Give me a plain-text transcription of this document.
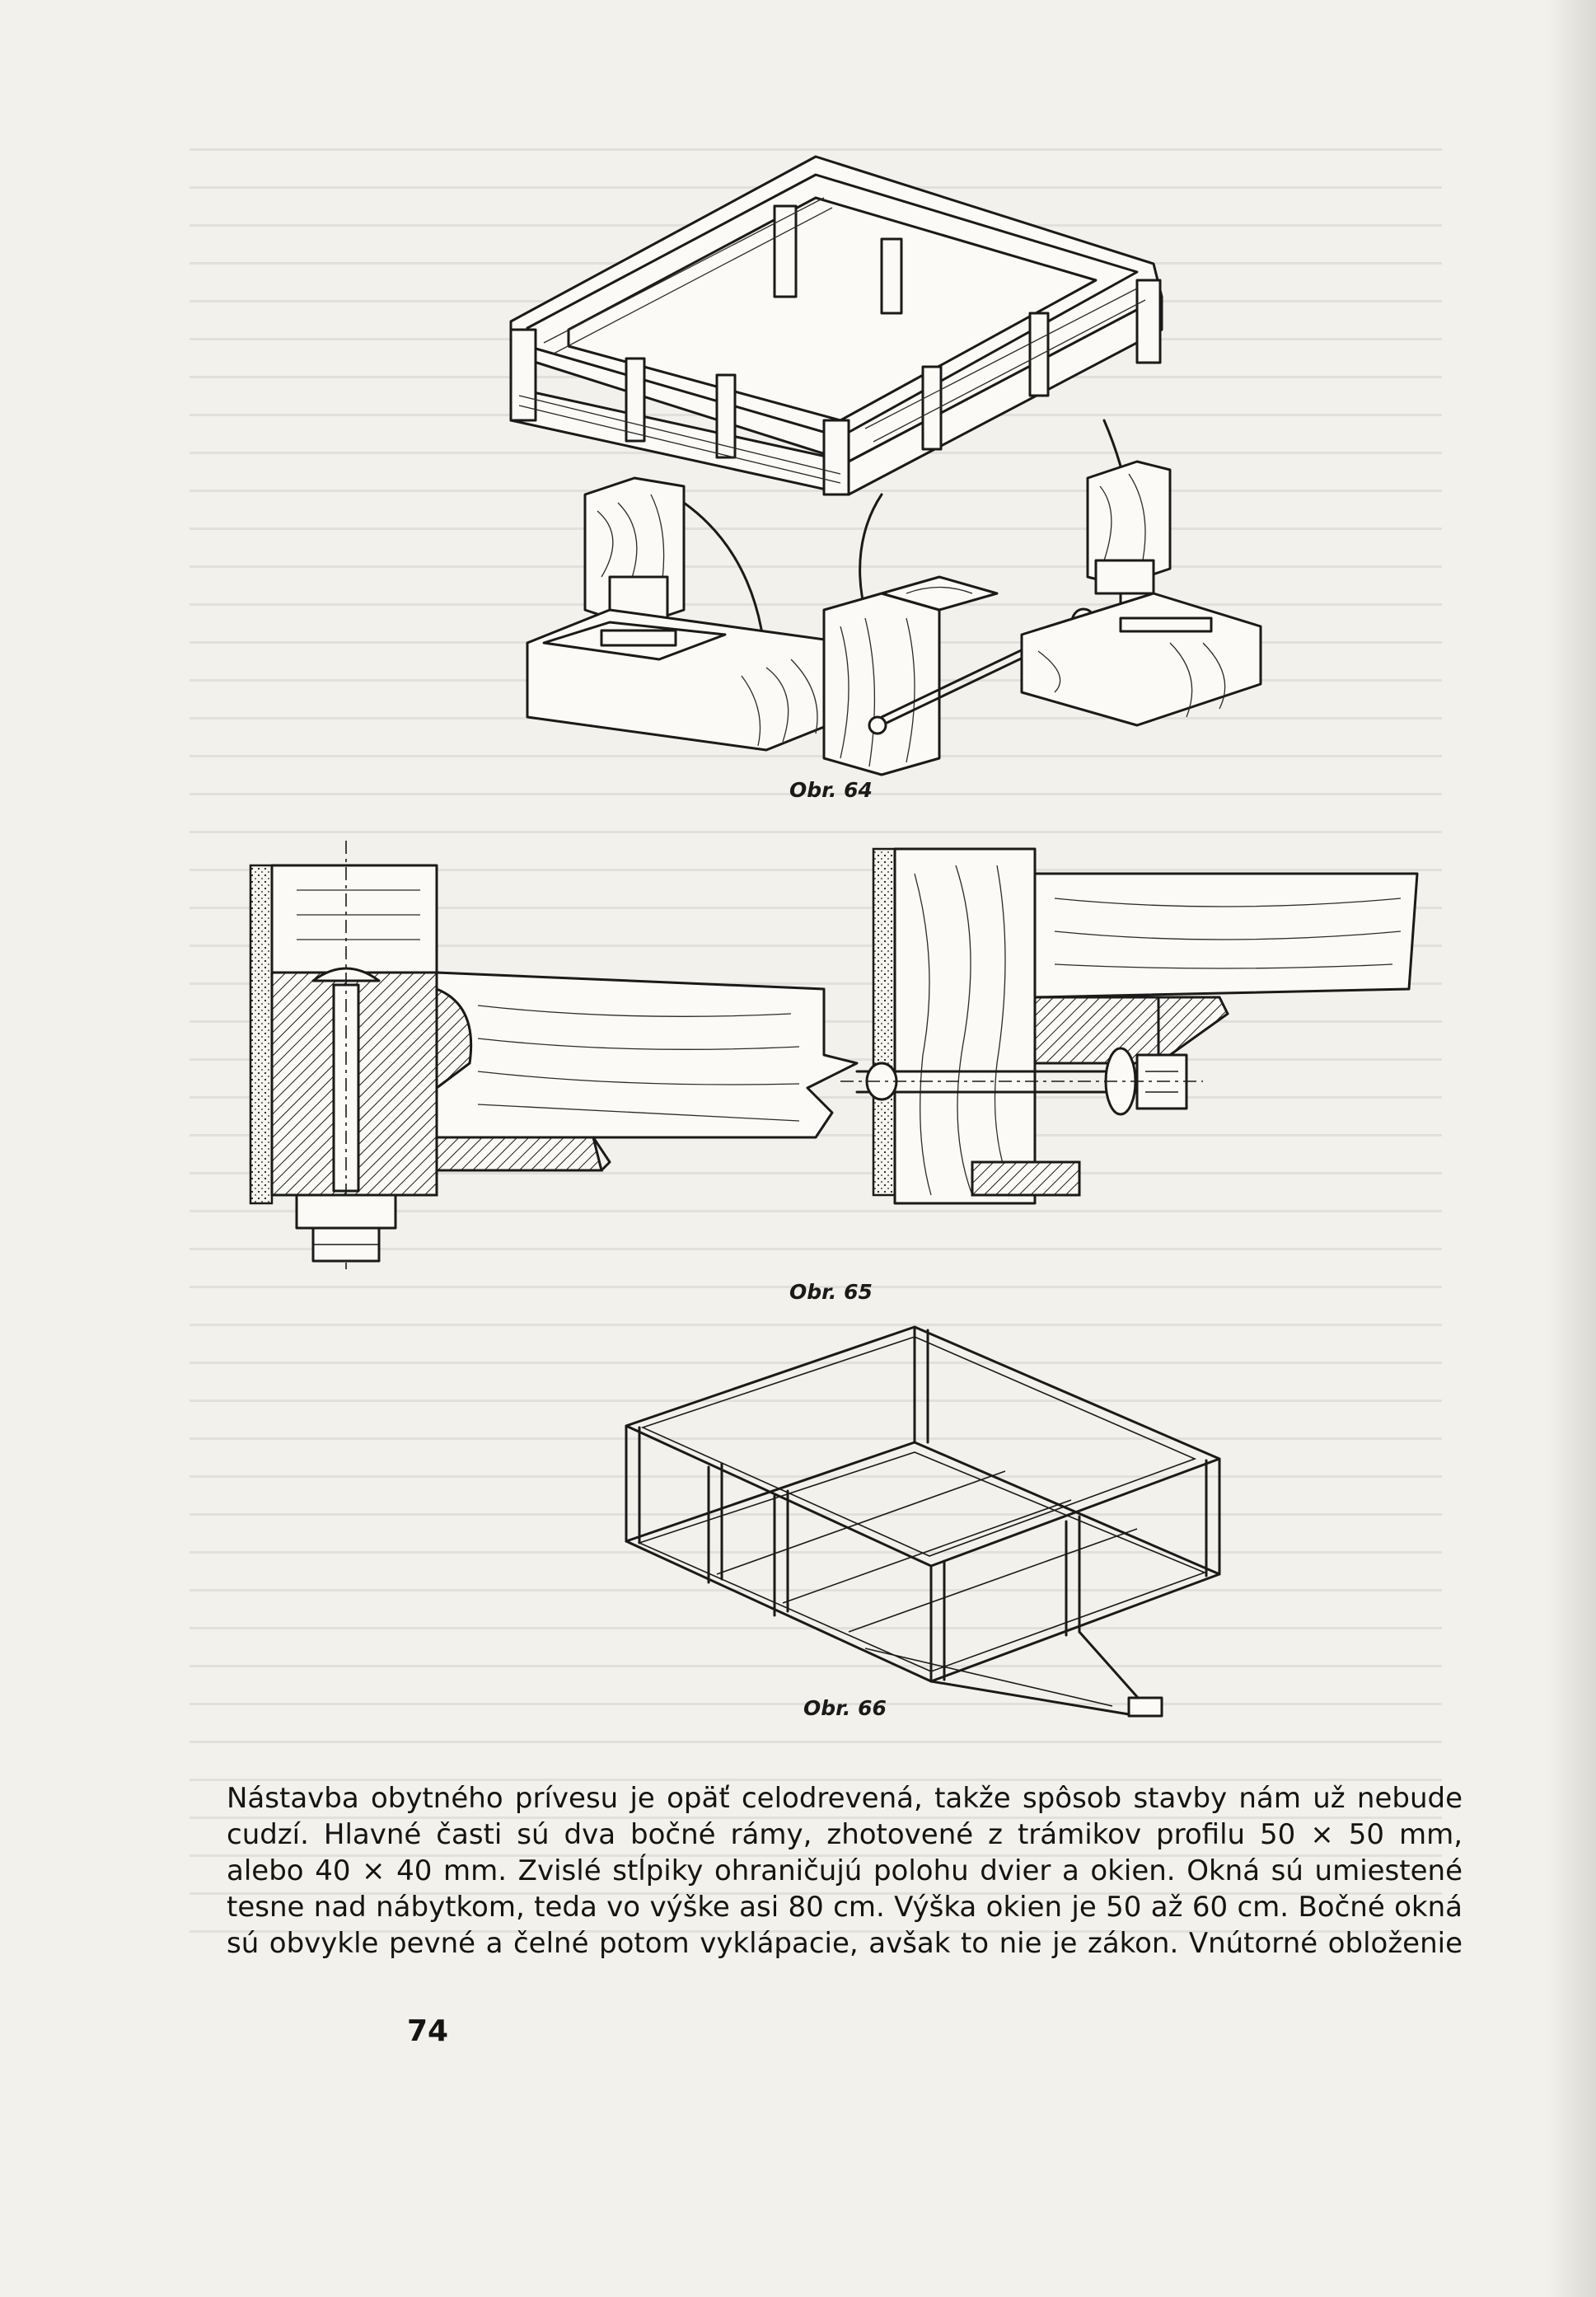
Obr. 64
Obr. 65
Obr. 66
Nástavba obytného prívesu je opäť celodrevená, takže spôsob stavby nám už nebude
cudzí. Hlavné časti sú dva bočné rámy, zhotovené z trámikov profilu 50 × 50 mm,
alebo 40 × 40 mm. Zvislé stĺpiky ohraničujú polohu dvier a okien. Okná sú umiestené
tesne nad nábytkom, teda vo výške asi 80 cm. Výška okien je 50 až 60 cm. Bočné okná
sú obvykle pevné a čelné potom vyklápacie, avšak to nie je zákon. Vnútorné obloženie
74
